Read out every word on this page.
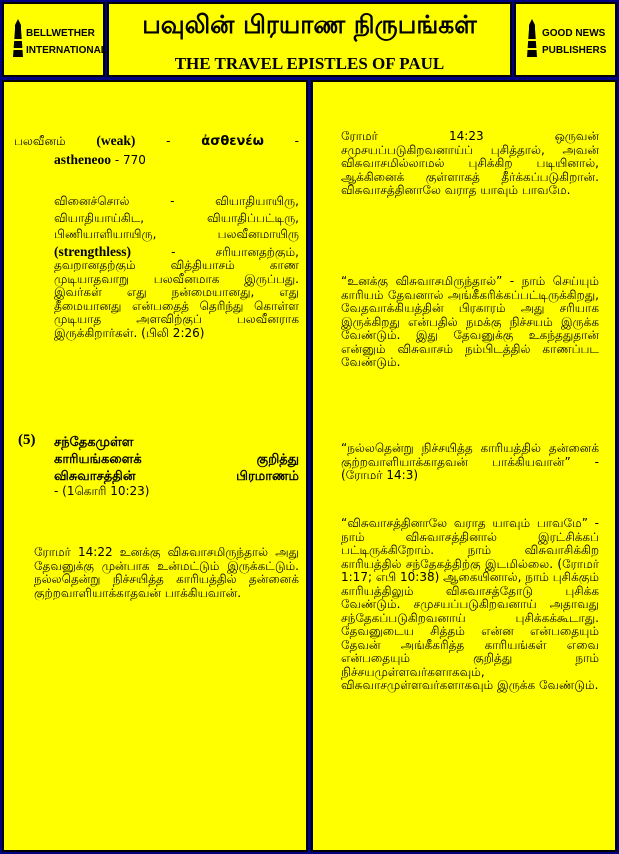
BELLWETHER
INTERNATIONAL
பவுலின் பிரயாண நிருபங்கள்
THE TRAVEL EPISTLES OF PAUL
GOOD NEWS
PUBLISHERS

பலவீனம் (weak)	- ἀσθενέω	-

astheneoo - 770

வினைச்சொல் - வியாதியாயிரு,

வியாதியாய்கிட, வியாதிப்பட்டிரு,

பிணியாளியாயிரு, பலவீனமாயிரு

(strengthless)	- சரியானதற்கும், தவறானதற்கும் வித்தியாசம் காண முடியாதவாறு பலவீனமாக இருப்பது. இவர்கள் எது நன்மையானது, எது தீமையானது என்பதைத் தெரிந்து கொள்ள முடியாத அளவிற்குப் பலவீனராக இருக்கிறார்கள். (பிலி 2:26)

(5) சந்தேகமுள்ள

காரியங்களைக் குறித்து

விசுவாசத்தின் பிரமாணம்

- (1கொரி 10:23)

ரோமர் 14:22 உனக்கு விசுவாசமிருந்தால் அது தேவனுக்கு முன்பாக உன்மட்டும் இருக்கட்டும். நல்லதென்று நிச்சயித்த காரியத்தில் தன்னைக் குற்றவாளியாக்காதவன் பாக்கியவான்.

ரோமர் 14:23 ஒருவன் சமுசயப்படுகிறவனாய்ப் புசித்தால், அவன் விசுவாசமில்லாமல் புசிக்கிற படியினால், ஆக்கினைக் குள்ளாகத் தீர்க்கப்படுகிறான். விசுவாசத்தினாலே வராத யாவும் பாவமே.

“உனக்கு விசுவாசமிருந்தால்” - நாம் செய்யும் காரியம் தேவனால் அங்கீகரிக்கப்பட்டிருக்கிறது, வேதவாக்கியத்தின் பிரகாரம் அது சரியாக இருக்கிறது என்பதில் நமக்கு நிச்சயம் இருக்க வேண்டும். இது தேவனுக்கு உகந்ததுதான் என்னும் விசுவாசம் நம்பிடத்தில் காணப்பட வேண்டும்.

“நல்லதென்று நிச்சயித்த காரியத்தில் தன்னைக் குற்றவாளியாக்காதவன் பாக்கியவான்” - (ரோமர் 14:3)

“விசுவாசத்தினாலே வராத யாவும் பாவமே” - நாம் விசுவாசத்தினால் இரட்சிக்கப் பட்டிருக்கிறோம். நாம் விசுவாசிக்கிற காரியத்தில் சந்தேகத்திற்கு இடமில்லை. (ரோமர் 1:17; எபி 10:38) ஆகையினால், நாம் புசிக்கும் காரியத்திலும் விசுவாசத்தோடு புசிக்க வேண்டும். சமுசயப்படுகிறவனாய் அதாவது சந்தேகப்படுகிறவனாய் புசிக்கக்கூடாது. தேவனுடைய சித்தம் என்ன என்பதையும் தேவன் அங்கீகரித்த காரியங்கள் எவை என்பதையும் குறித்து நாம் நிச்சயமுள்ளவர்களாகவும், விசுவாசமுள்ளவர்களாகவும் இருக்க வேண்டும்.
